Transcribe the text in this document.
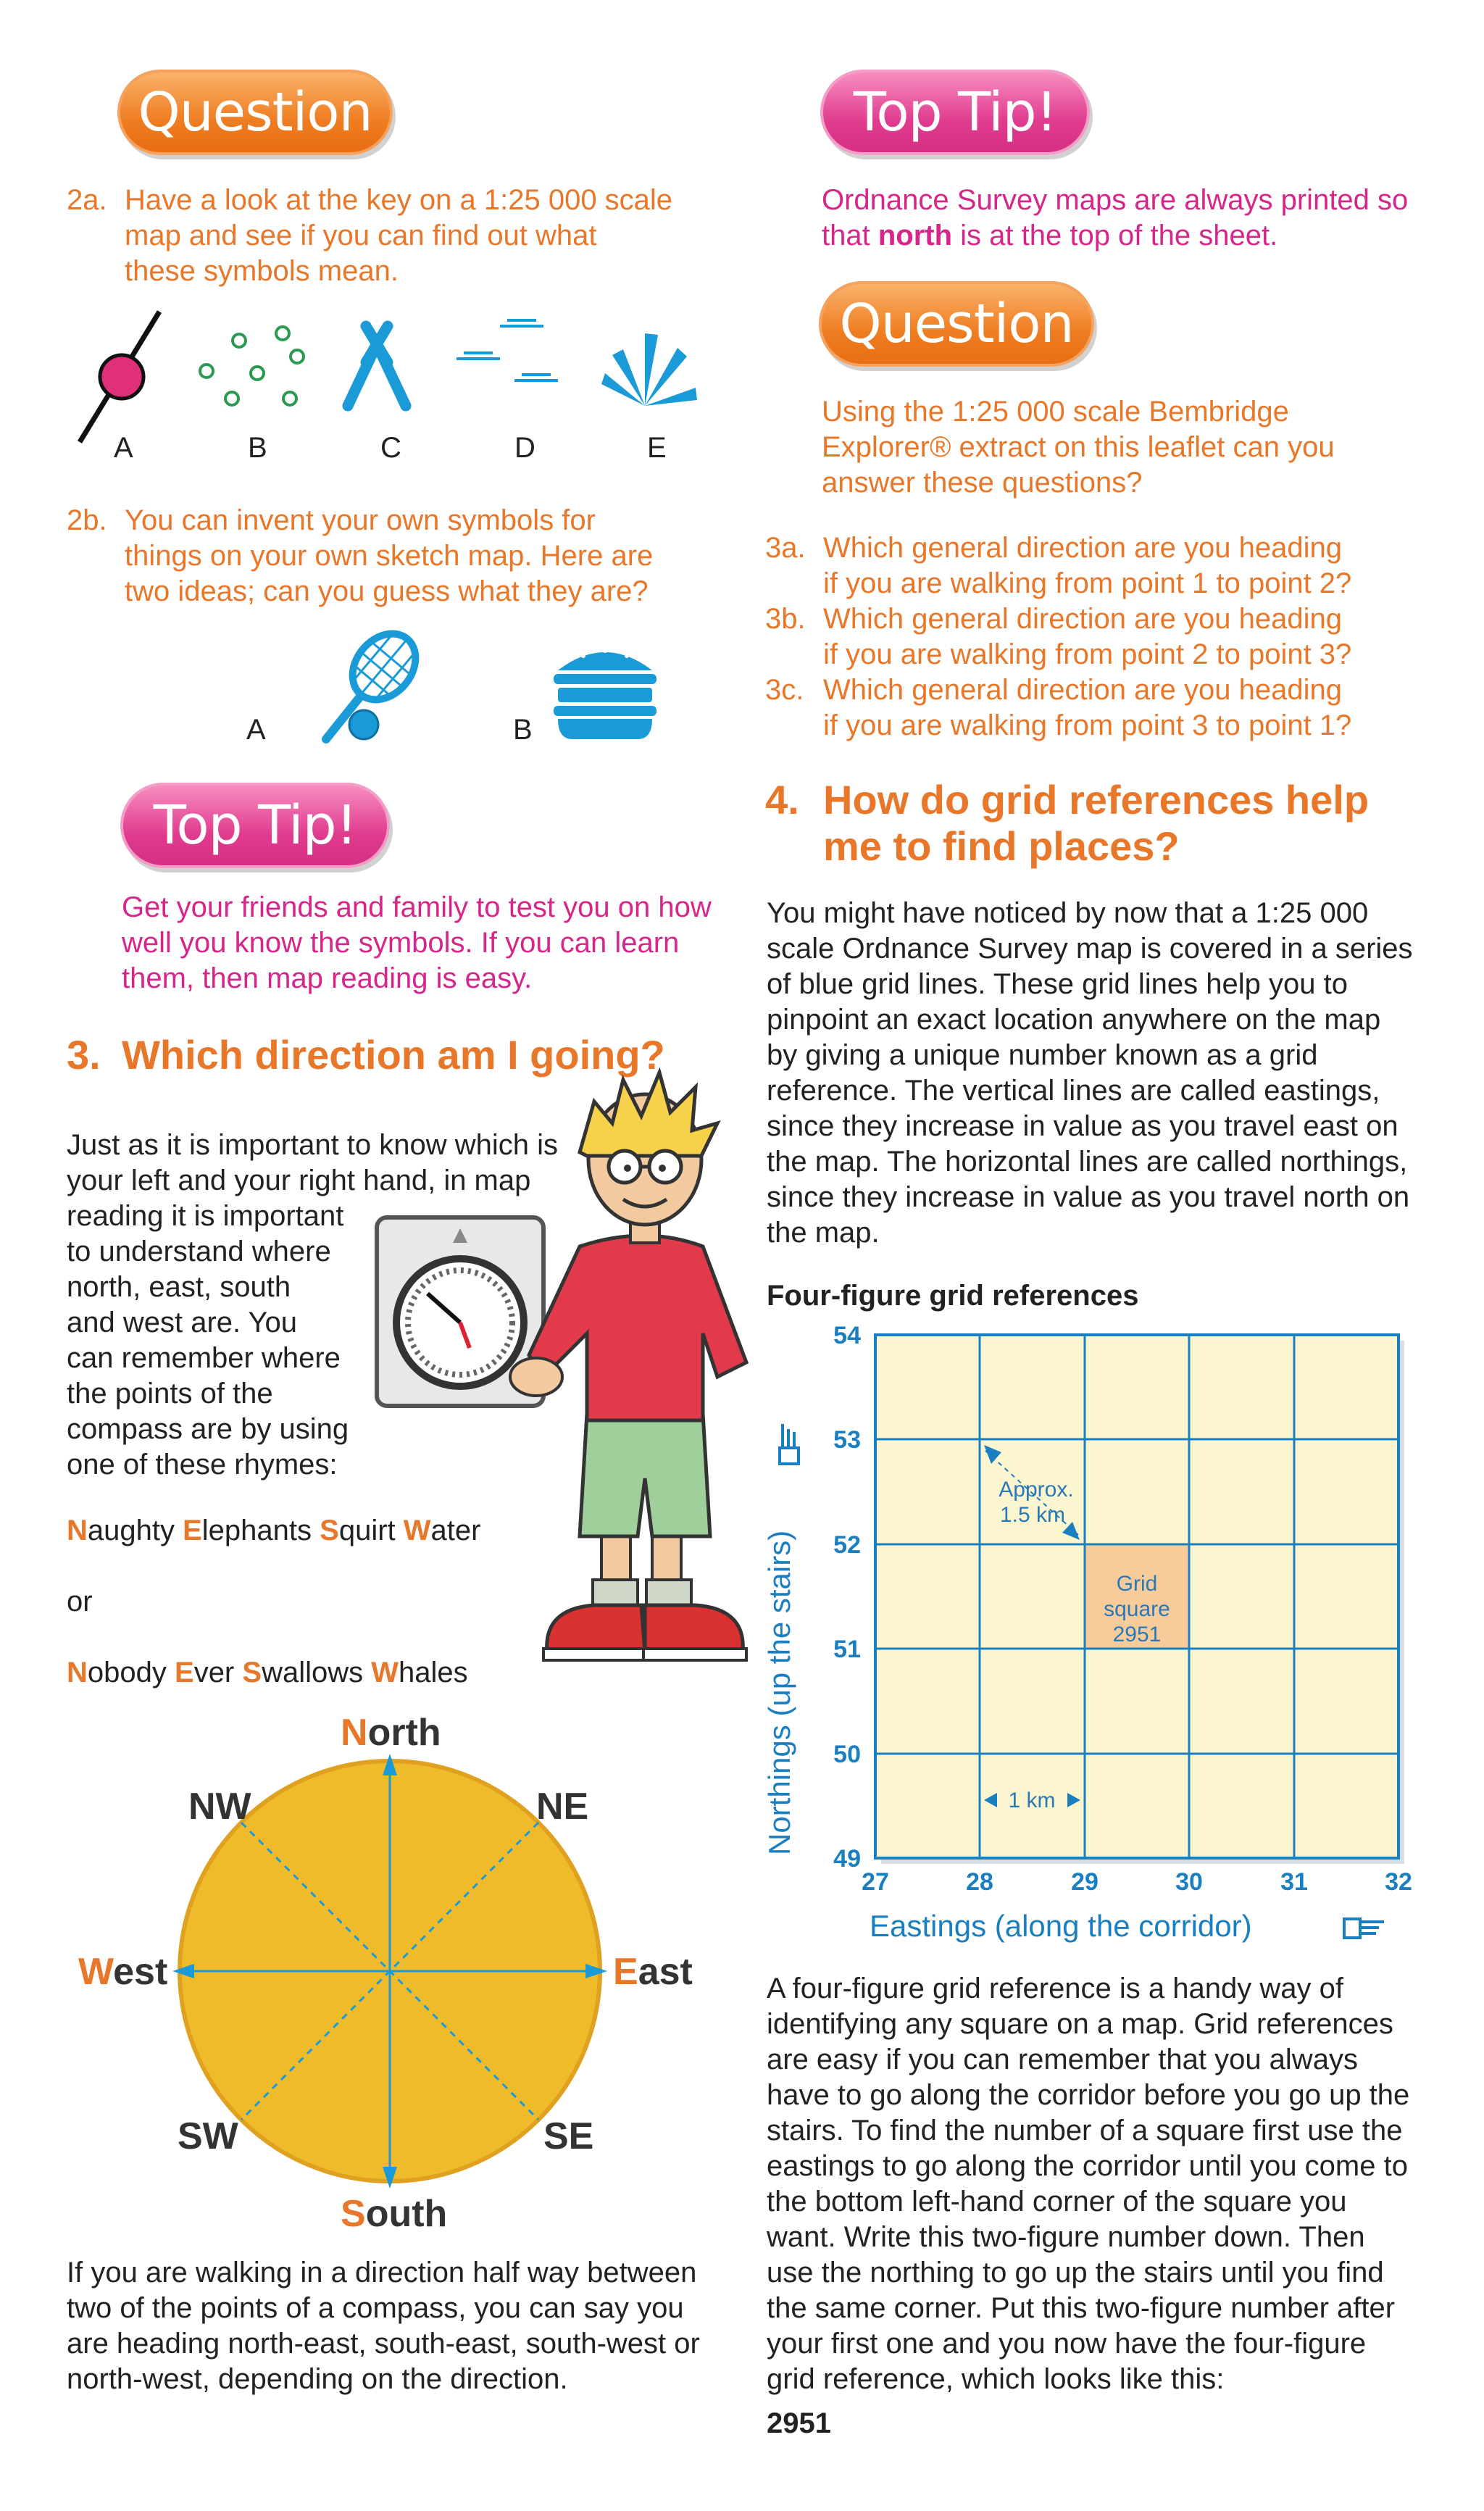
Question
2a. Have a look at the key on a 1:25 000 scale map and see if you can find out what these symbols mean.
A	B	C	D	E
2b. You can invent your own symbols for things on your own sketch map. Here are two ideas; can you guess what they are?
A	B
Top Tip!
Get your friends and family to test you on how well you know the symbols. If you can learn them, then map reading is easy.
3. Which direction am I going?
Just as it is important to know which is
your left and your right hand, in map
reading it is important
to understand where
north, east, south
and west are. You
can remember where
the points of the
compass are by using
one of these rhymes:
Naughty Elephants Squirt Water
or
Nobody Ever Swallows Whales
North
South
West	East
NW	NE
SW	SE
If you are walking in a direction half way between two of the points of a compass, you can say you are heading north-east, south-east, south-west or north-west, depending on the direction.
Top Tip!
Ordnance Survey maps are always printed so that north is at the top of the sheet.
Question
Using the 1:25 000 scale Bembridge Explorer® extract on this leaflet can you answer these questions?
3a. Which general direction are you heading
if you are walking from point 1 to point 2?
3b. Which general direction are you heading
if you are walking from point 2 to point 3?
3c. Which general direction are you heading
if you are walking from point 3 to point 1?
4. How do grid references help me to find places?
You might have noticed by now that a 1:25 000 scale Ordnance Survey map is covered in a series of blue grid lines. These grid lines help you to pinpoint an exact location anywhere on the map by giving a unique number known as a grid reference. The vertical lines are called eastings, since they increase in value as you travel east on the map. The horizontal lines are called northings, since they increase in value as you travel north on the map.
Four-figure grid references
Grid
square
2951
Approx.
1.5 km
1 km
27	28	29	30	31	32
54
53
52
51
50
49
Eastings (along the corridor)
Northings (up the stairs)
A four-figure grid reference is a handy way of identifying any square on a map. Grid references are easy if you can remember that you always have to go along the corridor before you go up the stairs. To find the number of a square first use the eastings to go along the corridor until you come to the bottom left-hand corner of the square you want. Write this two-figure number down. Then use the northing to go up the stairs until you find the same corner. Put this two-figure number after your first one and you now have the four-figure grid reference, which looks like this:
2951
